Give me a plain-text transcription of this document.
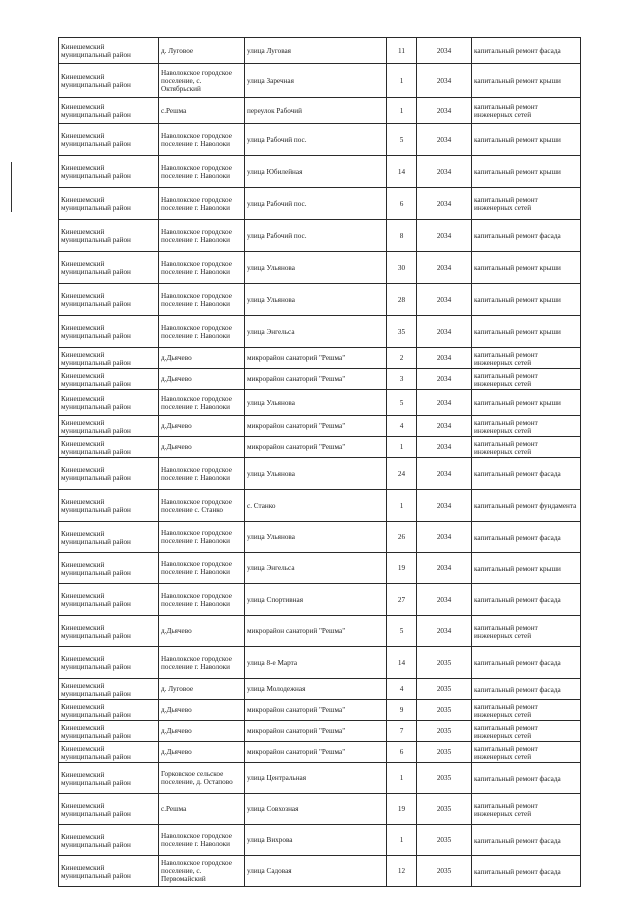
Кинешемский муниципальный район	д. Луговое	улица Луговая	11	2034	капитальный ремонт фасада
Кинешемский муниципальный район	Наволокское городское поселение, с. Октябрьский	улица Заречная	1	2034	капитальный ремонт крыши
Кинешемский муниципальный район	с.Решма	переулок Рабочий	1	2034	капитальный ремонт инженерных сетей
Кинешемский муниципальный район	Наволокское городское поселение г. Наволоки	улица Рабочий пос.	5	2034	капитальный ремонт крыши
Кинешемский муниципальный район	Наволокское городское поселение г. Наволоки	улица Юбилейная	14	2034	капитальный ремонт крыши
Кинешемский муниципальный район	Наволокское городское поселение г. Наволоки	улица Рабочий пос.	6	2034	капитальный ремонт инженерных сетей
Кинешемский муниципальный район	Наволокское городское поселение г. Наволоки	улица Рабочий пос.	8	2034	капитальный ремонт фасада
Кинешемский муниципальный район	Наволокское городское поселение г. Наволоки	улица Ульянова	30	2034	капитальный ремонт крыши
Кинешемский муниципальный район	Наволокское городское поселение г. Наволоки	улица Ульянова	28	2034	капитальный ремонт крыши
Кинешемский муниципальный район	Наволокское городское поселение г. Наволоки	улица Энгельса	35	2034	капитальный ремонт крыши
Кинешемский муниципальный район	д.Дьячево	микрорайон санаторий "Решма"	2	2034	капитальный ремонт инженерных сетей
Кинешемский муниципальный район	д.Дьячево	микрорайон санаторий "Решма"	3	2034	капитальный ремонт инженерных сетей
Кинешемский муниципальный район	Наволокское городское поселение г. Наволоки	улица Ульянова	5	2034	капитальный ремонт крыши
Кинешемский муниципальный район	д.Дьячево	микрорайон санаторий "Решма"	4	2034	капитальный ремонт инженерных сетей
Кинешемский муниципальный район	д.Дьячево	микрорайон санаторий "Решма"	1	2034	капитальный ремонт инженерных сетей
Кинешемский муниципальный район	Наволокское городское поселение г. Наволоки	улица Ульянова	24	2034	капитальный ремонт фасада
Кинешемский муниципальный район	Наволокское городское поселение с. Станко	с. Станко	1	2034	капитальный ремонт фундамента
Кинешемский муниципальный район	Наволокское городское поселение г. Наволоки	улица Ульянова	26	2034	капитальный ремонт фасада
Кинешемский муниципальный район	Наволокское городское поселение г. Наволоки	улица Энгельса	19	2034	капитальный ремонт крыши
Кинешемский муниципальный район	Наволокское городское поселение г. Наволоки	улица Спортивная	27	2034	капитальный ремонт фасада
Кинешемский муниципальный район	д.Дьячево	микрорайон санаторий "Решма"	5	2034	капитальный ремонт инженерных сетей
Кинешемский муниципальный район	Наволокское городское поселение г. Наволоки	улица 8-е Марта	14	2035	капитальный ремонт фасада
Кинешемский муниципальный район	д. Луговое	улица Молодежная	4	2035	капитальный ремонт фасада
Кинешемский муниципальный район	д.Дьячево	микрорайон санаторий "Решма"	9	2035	капитальный ремонт инженерных сетей
Кинешемский муниципальный район	д.Дьячево	микрорайон санаторий "Решма"	7	2035	капитальный ремонт инженерных сетей
Кинешемский муниципальный район	д.Дьячево	микрорайон санаторий "Решма"	6	2035	капитальный ремонт инженерных сетей
Кинешемский муниципальный район	Горковское сельское поселение, д. Остапово	улица Центральная	1	2035	капитальный ремонт фасада
Кинешемский муниципальный район	с.Решма	улица Совхозная	19	2035	капитальный ремонт инженерных сетей
Кинешемский муниципальный район	Наволокское городское поселение г. Наволоки	улица Вихрова	1	2035	капитальный ремонт фасада
Кинешемский муниципальный район	Наволокское городское поселение, с. Первомайский	улица Садовая	12	2035	капитальный ремонт фасада
